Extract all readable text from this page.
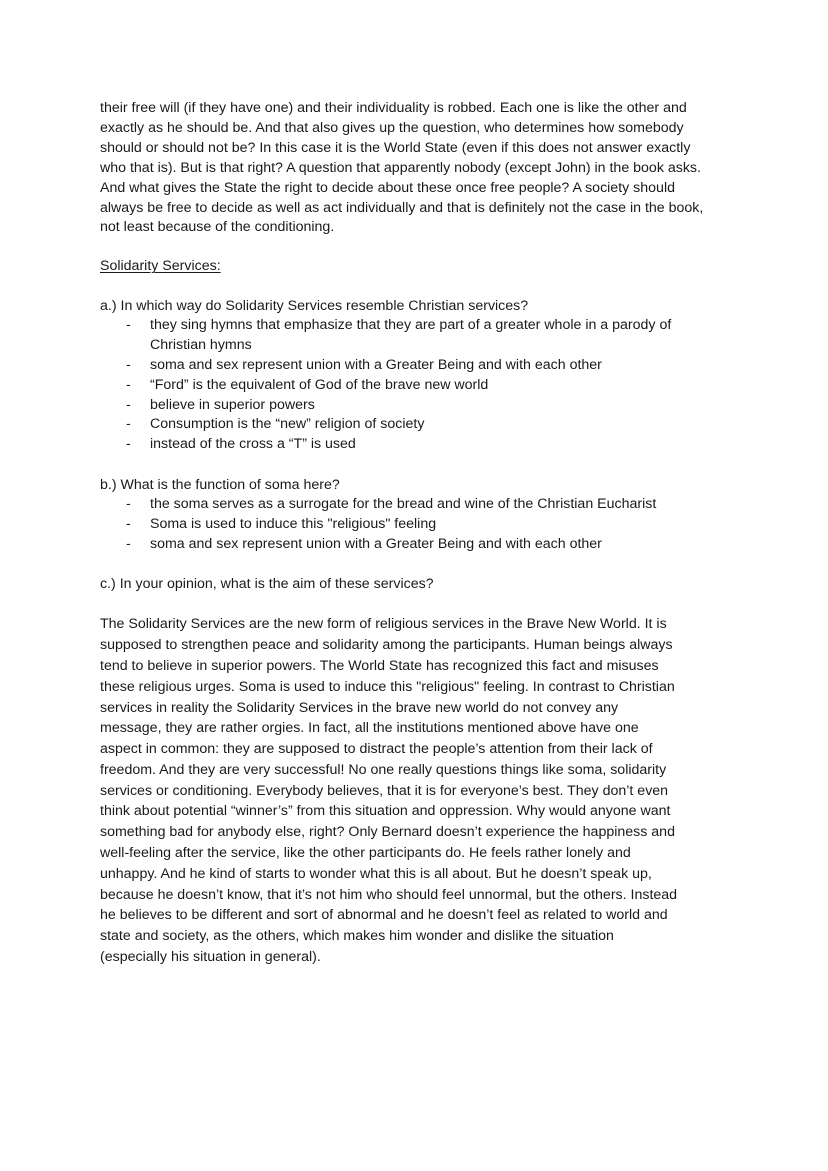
their free will (if they have one) and their individuality is robbed. Each one is like the other and

exactly as he should be. And that also gives up the question, who determines how somebody

should or should not be? In this case it is the World State (even if this does not answer exactly

who that is). But is that right? A question that apparently nobody (except John) in the book asks.

And what gives the State the right to decide about these once free people? A society should

always be free to decide as well as act individually and that is definitely not the case in the book,

not least because of the conditioning.

Solidarity Services:
a.) In which way do Solidarity Services resemble Christian services?
- they sing hymns that emphasize that they are part of a greater whole in a parody of Christian hymns
- soma and sex represent union with a Greater Being and with each other
- “Ford” is the equivalent of God of the brave new world
- believe in superior powers
- Consumption is the “new” religion of society
- instead of the cross a “T” is used
b.) What is the function of soma here?
- the soma serves as a surrogate for the bread and wine of the Christian Eucharist
- Soma is used to induce this "religious" feeling
- soma and sex represent union with a Greater Being and with each other
c.) In your opinion, what is the aim of these services?
The Solidarity Services are the new form of religious services in the Brave New World. It is
supposed to strengthen peace and solidarity among the participants. Human beings always
tend to believe in superior powers. The World State has recognized this fact and misuses
these religious urges. Soma is used to induce this "religious" feeling. In contrast to Christian
services in reality the Solidarity Services in the brave new world do not convey any
message, they are rather orgies. In fact, all the institutions mentioned above have one
aspect in common: they are supposed to distract the people’s attention from their lack of
freedom. And they are very successful! No one really questions things like soma, solidarity
services or conditioning. Everybody believes, that it is for everyone’s best. They don’t even
think about potential “winner’s” from this situation and oppression. Why would anyone want
something bad for anybody else, right? Only Bernard doesn’t experience the happiness and
well-feeling after the service, like the other participants do. He feels rather lonely and
unhappy. And he kind of starts to wonder what this is all about. But he doesn’t speak up,
because he doesn’t know, that it’s not him who should feel unnormal, but the others. Instead
he believes to be different and sort of abnormal and he doesn’t feel as related to world and
state and society, as the others, which makes him wonder and dislike the situation
(especially his situation in general).
